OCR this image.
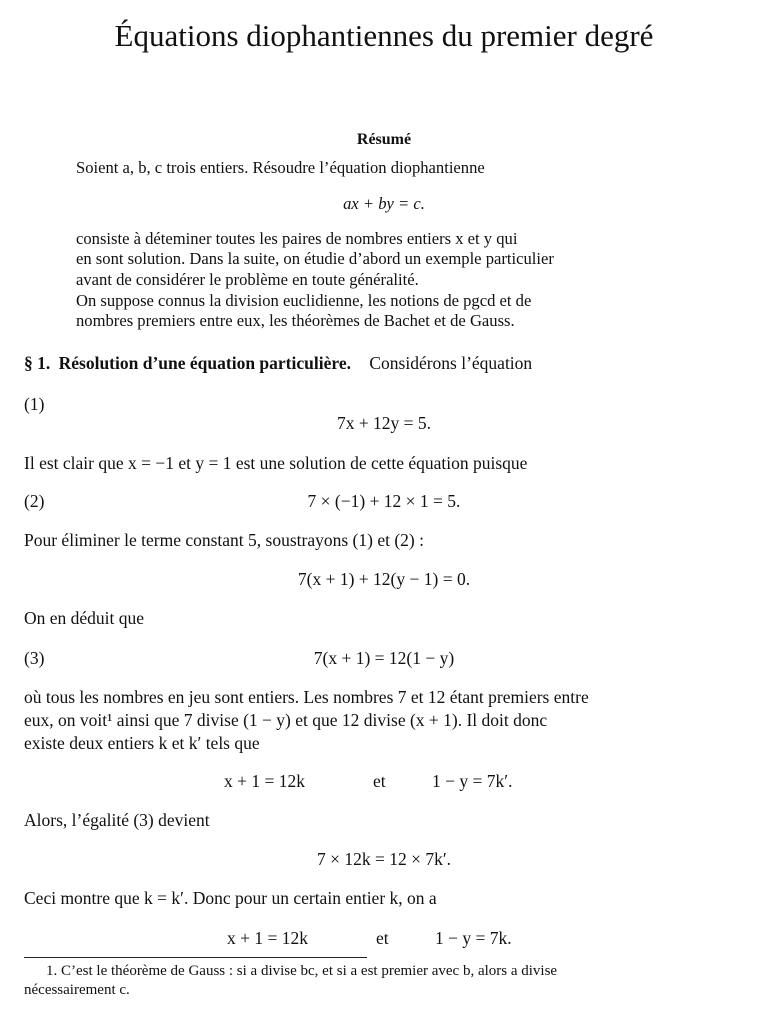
Équations diophantiennes du premier degré
Résumé
Soient a, b, c trois entiers. Résoudre l’équation diophantienne
ax + by = c.
consiste à déteminer toutes les paires de nombres entiers x et y qui
en sont solution. Dans la suite, on étudie d’abord un exemple particulier
avant de considérer le problème en toute généralité.
On suppose connus la division euclidienne, les notions de pgcd et de
nombres premiers entre eux, les théorèmes de Bachet et de Gauss.
§ 1. Résolution d’une équation particulière. Considérons l’équation
(1)
7x + 12y = 5.
Il est clair que x = −1 et y = 1 est une solution de cette équation puisque
(2)	7 × (−1) + 12 × 1 = 5.
Pour éliminer le terme constant 5, soustrayons (1) et (2) :
7(x + 1) + 12(y − 1) = 0.
On en déduit que
(3)	7(x + 1) = 12(1 − y)
où tous les nombres en jeu sont entiers. Les nombres 7 et 12 étant premiers entre
eux, on voit¹ ainsi que 7 divise (1 − y) et que 12 divise (x + 1). Il doit donc
existe deux entiers k et k′ tels que
x + 1 = 12k	et	1 − y = 7k′.
Alors, l’égalité (3) devient
7 × 12k = 12 × 7k′.
Ceci montre que k = k′. Donc pour un certain entier k, on a
x + 1 = 12k	et	1 − y = 7k.
1. C’est le théorème de Gauss : si a divise bc, et si a est premier avec b, alors a divise
nécessairement c.
